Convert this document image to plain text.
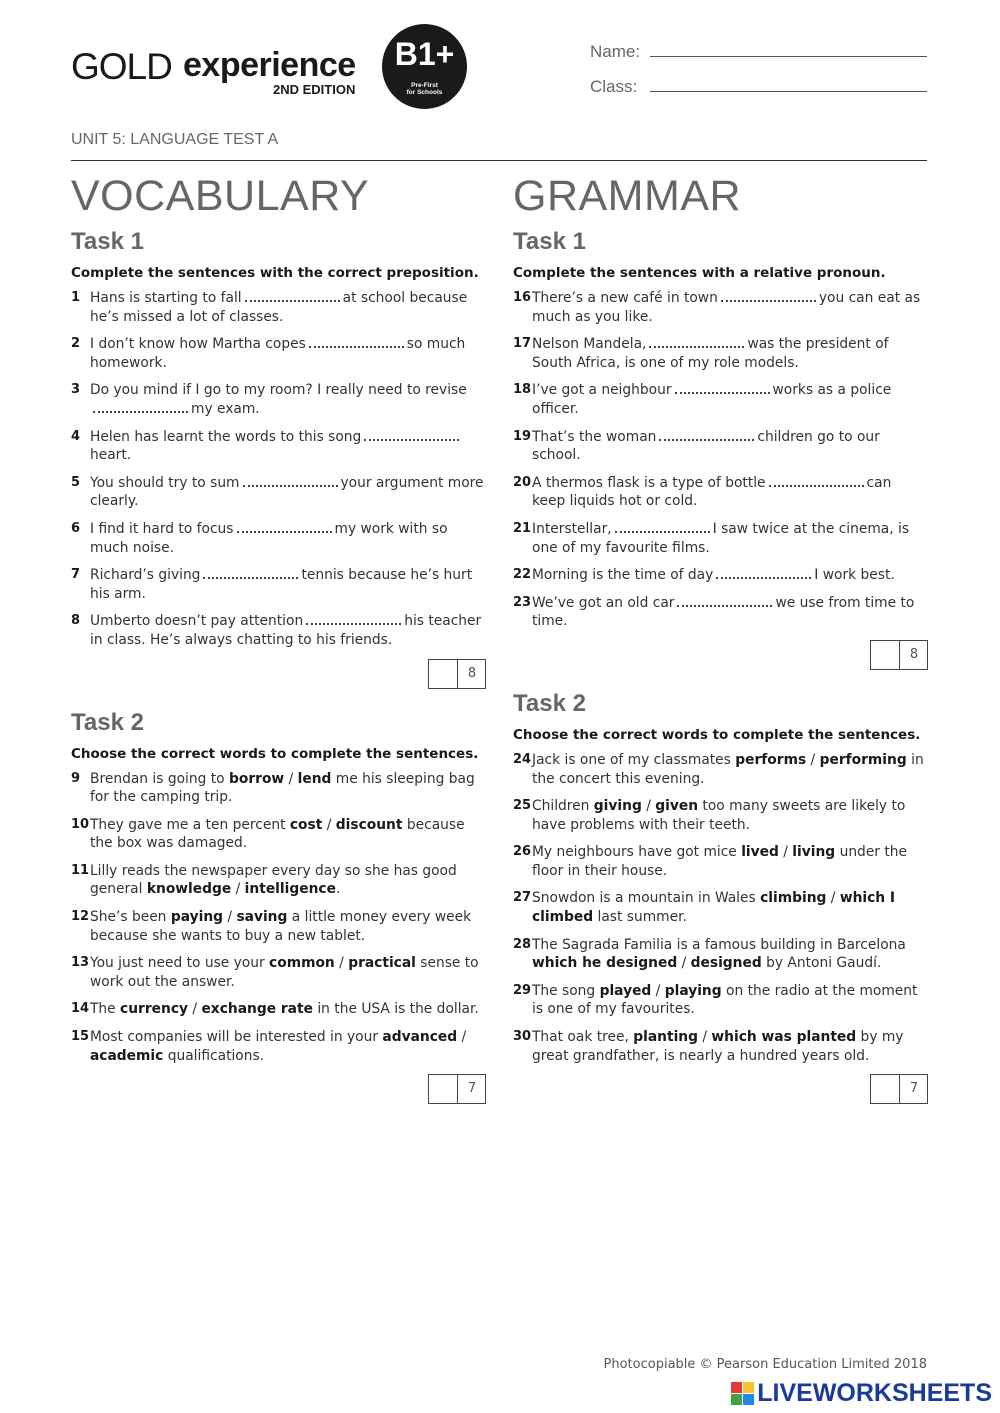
GOLD experience
2ND EDITION
B1+
Pre-First
for Schools
Name:
Class:
UNIT 5: LANGUAGE TEST A
VOCABULARY
Task 1
Complete the sentences with the correct preposition.
1 Hans is starting to fall	at school because he’s missed a lot of classes.
2 I don’t know how Martha copes	so much homework.
3 Do you mind if I go to my room? I really need to revisemy exam.
4 Helen has learnt the words to this songheart.
5 You should try to sum	your argument more clearly.
6 I find it hard to focus	my work with so much noise.
7 Richard’s giving	tennis because he’s hurt his arm.
8 Umberto doesn’t pay attention	his teacher in class. He’s always chatting to his friends.
8
Task 2
Choose the correct words to complete the sentences.
9 Brendan is going to borrow / lend me his sleeping bag for the camping trip.
10 They gave me a ten percent cost / discount because the box was damaged.
11 Lilly reads the newspaper every day so she has good general knowledge / intelligence.
12 She’s been paying / saving a little money every week because she wants to buy a new tablet.
13 You just need to use your common / practical sense to work out the answer.
14 The currency / exchange rate in the USA is the dollar.
15 Most companies will be interested in your advanced / academic qualifications.
7
GRAMMAR
Task 1
Complete the sentences with a relative pronoun.
16 There’s a new café in town	you can eat as much as you like.
17 Nelson Mandela,	was the president of South Africa, is one of my role models.
18 I’ve got a neighbour	works as a police officer.
19 That’s the woman	children go to our school.
20 A thermos flask is a type of bottle	can keep liquids hot or cold.
21 Interstellar,	I saw twice at the cinema, is one of my favourite films.
22 Morning is the time of day	I work best.
23 We’ve got an old car	we use from time to time.
8
Task 2
Choose the correct words to complete the sentences.
24 Jack is one of my classmates performs / performing in the concert this evening.
25 Children giving / given too many sweets are likely to have problems with their teeth.
26 My neighbours have got mice lived / living under the floor in their house.
27 Snowdon is a mountain in Wales climbing / which I climbed last summer.
28 The Sagrada Familia is a famous building in Barcelona which he designed / designed by Antoni Gaudí.
29 The song played / playing on the radio at the moment is one of my favourites.
30 That oak tree, planting / which was planted by my great grandfather, is nearly a hundred years old.
7
Photocopiable © Pearson Education Limited 2018
LIVEWORKSHEETS
